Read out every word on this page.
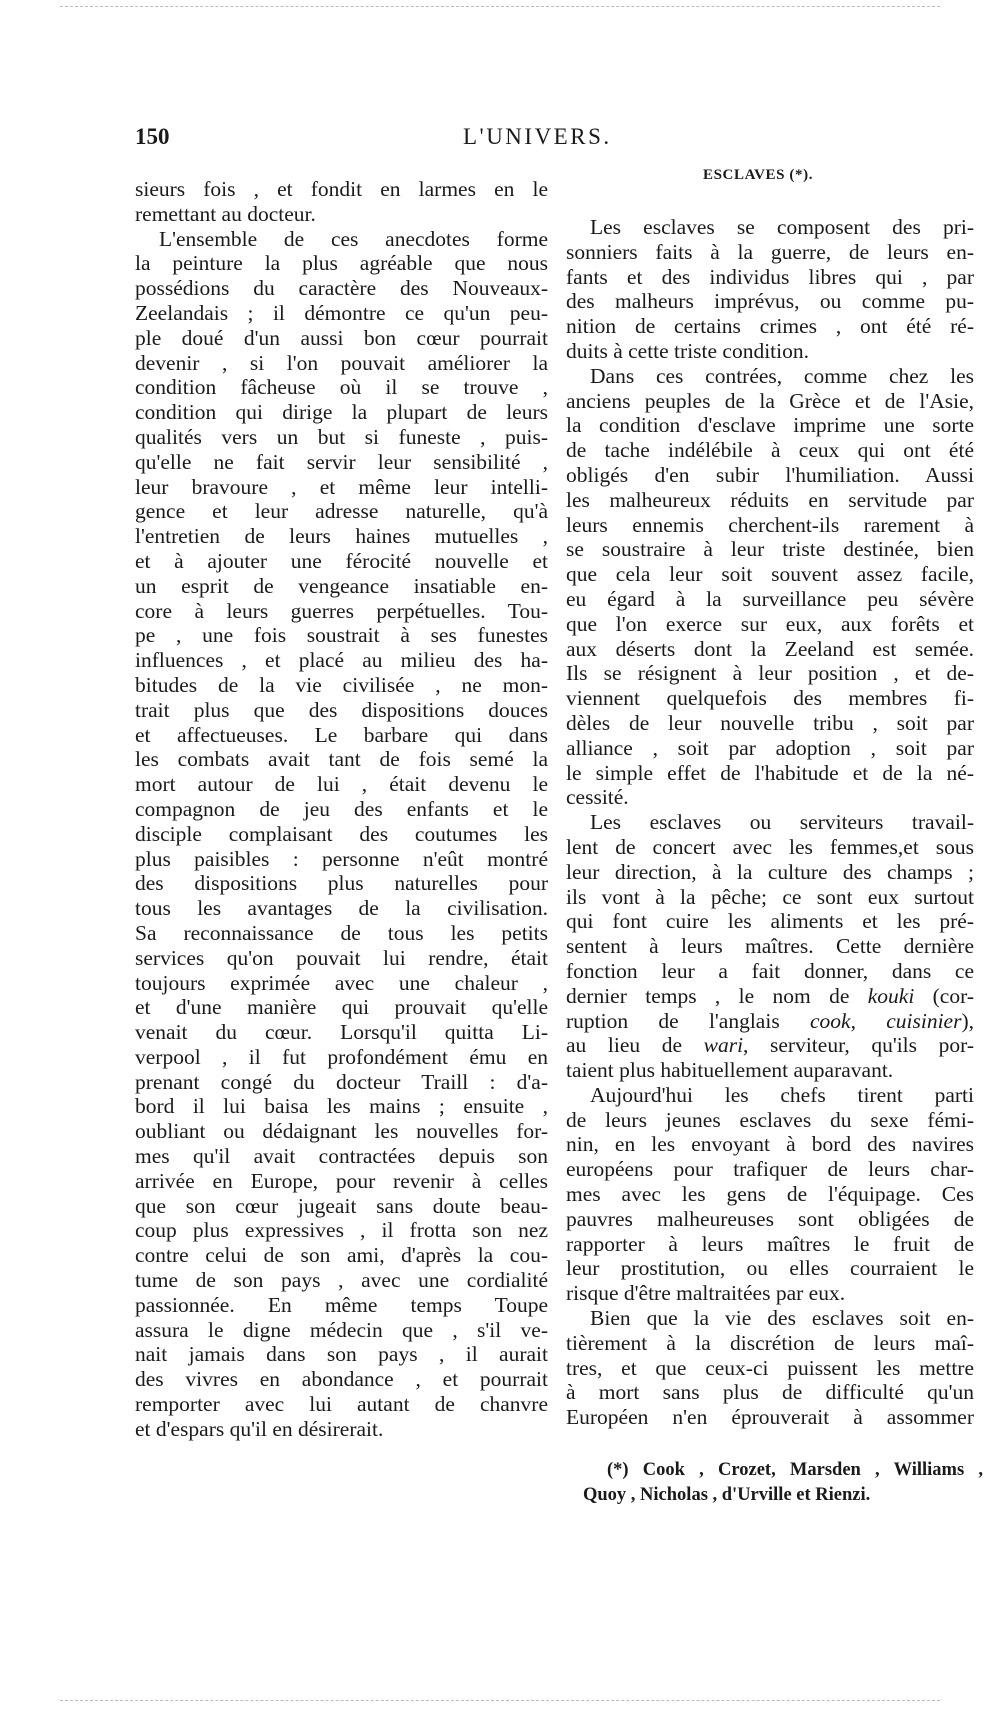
150	L'UNIVERS.
ESCLAVES (*).
sieurs fois , et fondit en larmes en le
remettant au docteur.
L'ensemble de ces anecdotes forme
la peinture la plus agréable que nous
possédions du caractère des Nouveaux-
Zeelandais ; il démontre ce qu'un peu-
ple doué d'un aussi bon cœur pourrait
devenir , si l'on pouvait améliorer la
condition fâcheuse où il se trouve ,
condition qui dirige la plupart de leurs
qualités vers un but si funeste , puis-
qu'elle ne fait servir leur sensibilité ,
leur bravoure , et même leur intelli-
gence et leur adresse naturelle, qu'à
l'entretien de leurs haines mutuelles ,
et à ajouter une férocité nouvelle et
un esprit de vengeance insatiable en-
core à leurs guerres perpétuelles. Tou-
pe , une fois soustrait à ses funestes
influences , et placé au milieu des ha-
bitudes de la vie civilisée , ne mon-
trait plus que des dispositions douces
et affectueuses. Le barbare qui dans
les combats avait tant de fois semé la
mort autour de lui , était devenu le
compagnon de jeu des enfants et le
disciple complaisant des coutumes les
plus paisibles : personne n'eût montré
des dispositions plus naturelles pour
tous les avantages de la civilisation.
Sa reconnaissance de tous les petits
services qu'on pouvait lui rendre, était
toujours exprimée avec une chaleur ,
et d'une manière qui prouvait qu'elle
venait du cœur. Lorsqu'il quitta Li-
verpool , il fut profondément ému en
prenant congé du docteur Traill : d'a-
bord il lui baisa les mains ; ensuite ,
oubliant ou dédaignant les nouvelles for-
mes qu'il avait contractées depuis son
arrivée en Europe, pour revenir à celles
que son cœur jugeait sans doute beau-
coup plus expressives , il frotta son nez
contre celui de son ami, d'après la cou-
tume de son pays , avec une cordialité
passionnée. En même temps Toupe
assura le digne médecin que , s'il ve-
nait jamais dans son pays , il aurait
des vivres en abondance , et pourrait
remporter avec lui autant de chanvre
et d'espars qu'il en désirerait.
Les esclaves se composent des pri-
sonniers faits à la guerre, de leurs en-
fants et des individus libres qui , par
des malheurs imprévus, ou comme pu-
nition de certains crimes , ont été ré-
duits à cette triste condition.
Dans ces contrées, comme chez les
anciens peuples de la Grèce et de l'Asie,
la condition d'esclave imprime une sorte
de tache indélébile à ceux qui ont été
obligés d'en subir l'humiliation. Aussi
les malheureux réduits en servitude par
leurs ennemis cherchent-ils rarement à
se soustraire à leur triste destinée, bien
que cela leur soit souvent assez facile,
eu égard à la surveillance peu sévère
que l'on exerce sur eux, aux forêts et
aux déserts dont la Zeeland est semée.
Ils se résignent à leur position , et de-
viennent quelquefois des membres fi-
dèles de leur nouvelle tribu , soit par
alliance , soit par adoption , soit par
le simple effet de l'habitude et de la né-
cessité.
Les esclaves ou serviteurs travail-
lent de concert avec les femmes,et sous
leur direction, à la culture des champs ;
ils vont à la pêche; ce sont eux surtout
qui font cuire les aliments et les pré-
sentent à leurs maîtres. Cette dernière
fonction leur a fait donner, dans ce
dernier temps , le nom de kouki (cor-
ruption de l'anglais cook, cuisinier),
au lieu de wari, serviteur, qu'ils por-
taient plus habituellement auparavant.
Aujourd'hui les chefs tirent parti
de leurs jeunes esclaves du sexe fémi-
nin, en les envoyant à bord des navires
européens pour trafiquer de leurs char-
mes avec les gens de l'équipage. Ces
pauvres malheureuses sont obligées de
rapporter à leurs maîtres le fruit de
leur prostitution, ou elles courraient le
risque d'être maltraitées par eux.
Bien que la vie des esclaves soit en-
tièrement à la discrétion de leurs maî-
tres, et que ceux-ci puissent les mettre
à mort sans plus de difficulté qu'un
Européen n'en éprouverait à assommer
(*) Cook , Crozet, Marsden , Williams ,
Quoy , Nicholas , d'Urville et Rienzi.
